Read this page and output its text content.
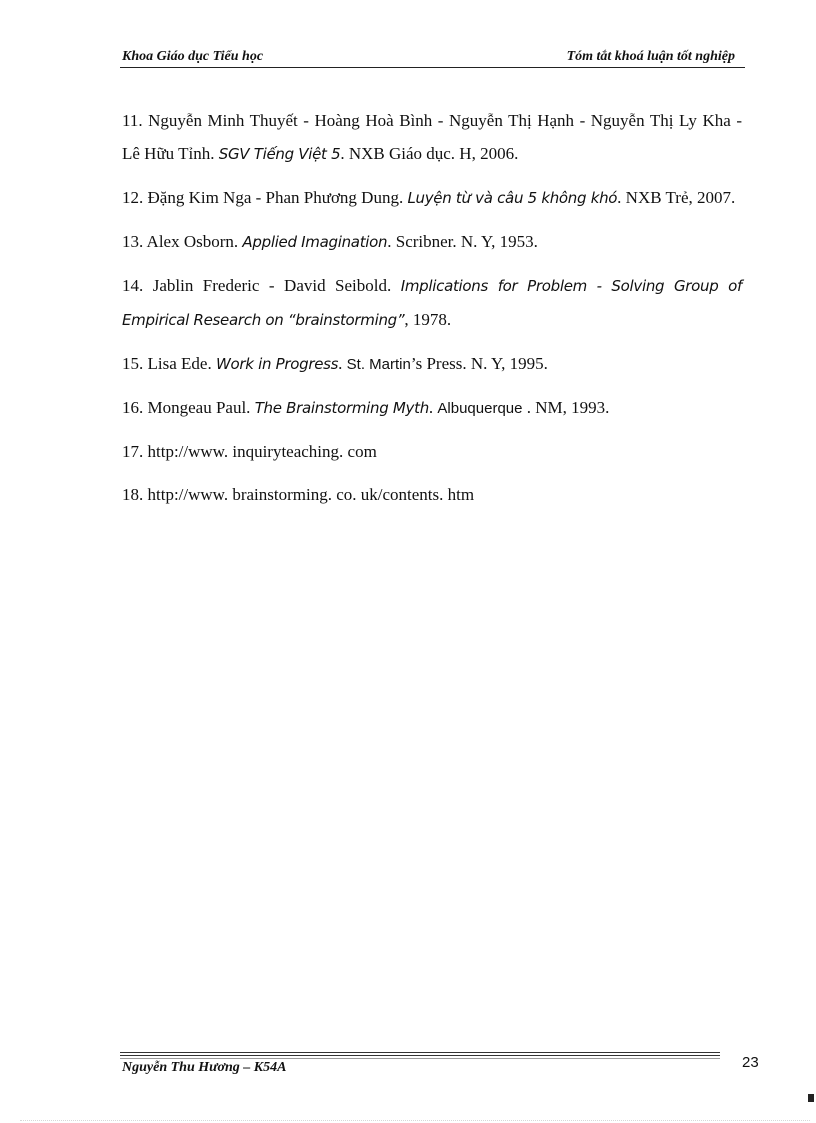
Khoa Giáo dục Tiểu học	Tóm tắt khoá luận tốt nghiệp

11. Nguyễn Minh Thuyết - Hoàng Hoà Bình - Nguyễn Thị Hạnh - Nguyễn Thị Ly Kha - Lê Hữu Tỉnh. SGV Tiếng Việt 5. NXB Giáo dục. H, 2006.

12. Đặng Kim Nga - Phan Phương Dung. Luyện từ và câu 5 không khó. NXB Trẻ, 2007.

13. Alex Osborn. Applied Imagination. Scribner. N. Y, 1953.

14. Jablin Frederic - David Seibold. Implications for Problem - Solving Group of Empirical Research on “brainstorming”, 1978.

15. Lisa Ede. Work in Progress. St. Martin’s Press. N. Y, 1995.

16. Mongeau Paul. The Brainstorming Myth. Albuquerque . NM, 1993.

17. http://www. inquiryteaching. com

18. http://www. brainstorming. co. uk/contents. htm

Nguyễn Thu Hương – K54A	23
